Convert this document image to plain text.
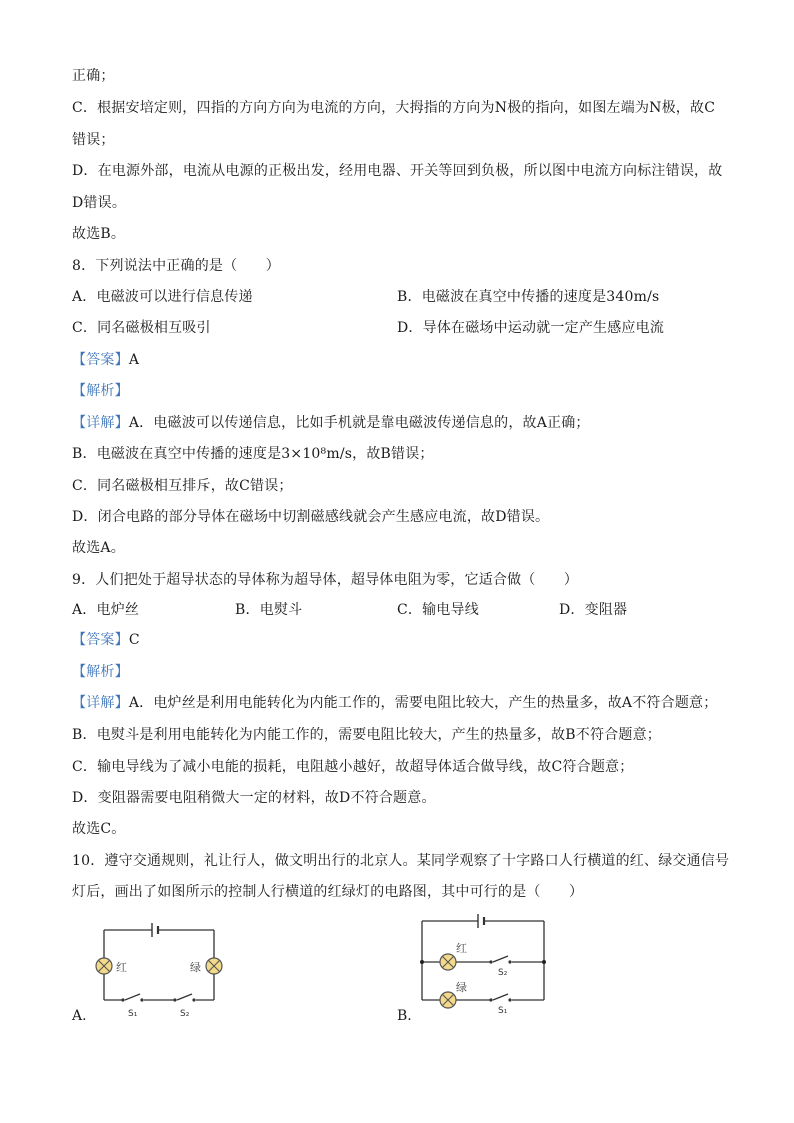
正确；
C．根据安培定则，四指的方向方向为电流的方向，大拇指的方向为N极的指向，如图左端为N极，故C
错误；
D．在电源外部，电流从电源的正极出发，经用电器、开关等回到负极，所以图中电流方向标注错误，故
D错误。
故选B。
8．下列说法中正确的是（　　）
A．电磁波可以进行信息传递	B．电磁波在真空中传播的速度是340m/s
C．同名磁极相互吸引	D．导体在磁场中运动就一定产生感应电流
【答案】A
【解析】
【详解】A．电磁波可以传递信息，比如手机就是靠电磁波传递信息的，故A正确；
B．电磁波在真空中传播的速度是3×10⁸m/s，故B错误；
C．同名磁极相互排斥，故C错误；
D．闭合电路的部分导体在磁场中切割磁感线就会产生感应电流，故D错误。
故选A。
9．人们把处于超导状态的导体称为超导体，超导体电阻为零，它适合做（　　）
A．电炉丝	B．电熨斗	C．输电导线	D．变阻器
【答案】C
【解析】
【详解】A．电炉丝是利用电能转化为内能工作的，需要电阻比较大，产生的热量多，故A不符合题意；
B．电熨斗是利用电能转化为内能工作的，需要电阻比较大，产生的热量多，故B不符合题意；
C．输电导线为了减小电能的损耗，电阻越小越好，故超导体适合做导线，故C符合题意；
D．变阻器需要电阻稍微大一定的材料，故D不符合题意。
故选C。
10．遵守交通规则，礼让行人，做文明出行的北京人。某同学观察了十字路口人行横道的红、绿交通信号
灯后，画出了如图所示的控制人行横道的红绿灯的电路图，其中可行的是（　　）
红	绿
S₁	S₂
A.
红
绿
S₂
S₁
B.
